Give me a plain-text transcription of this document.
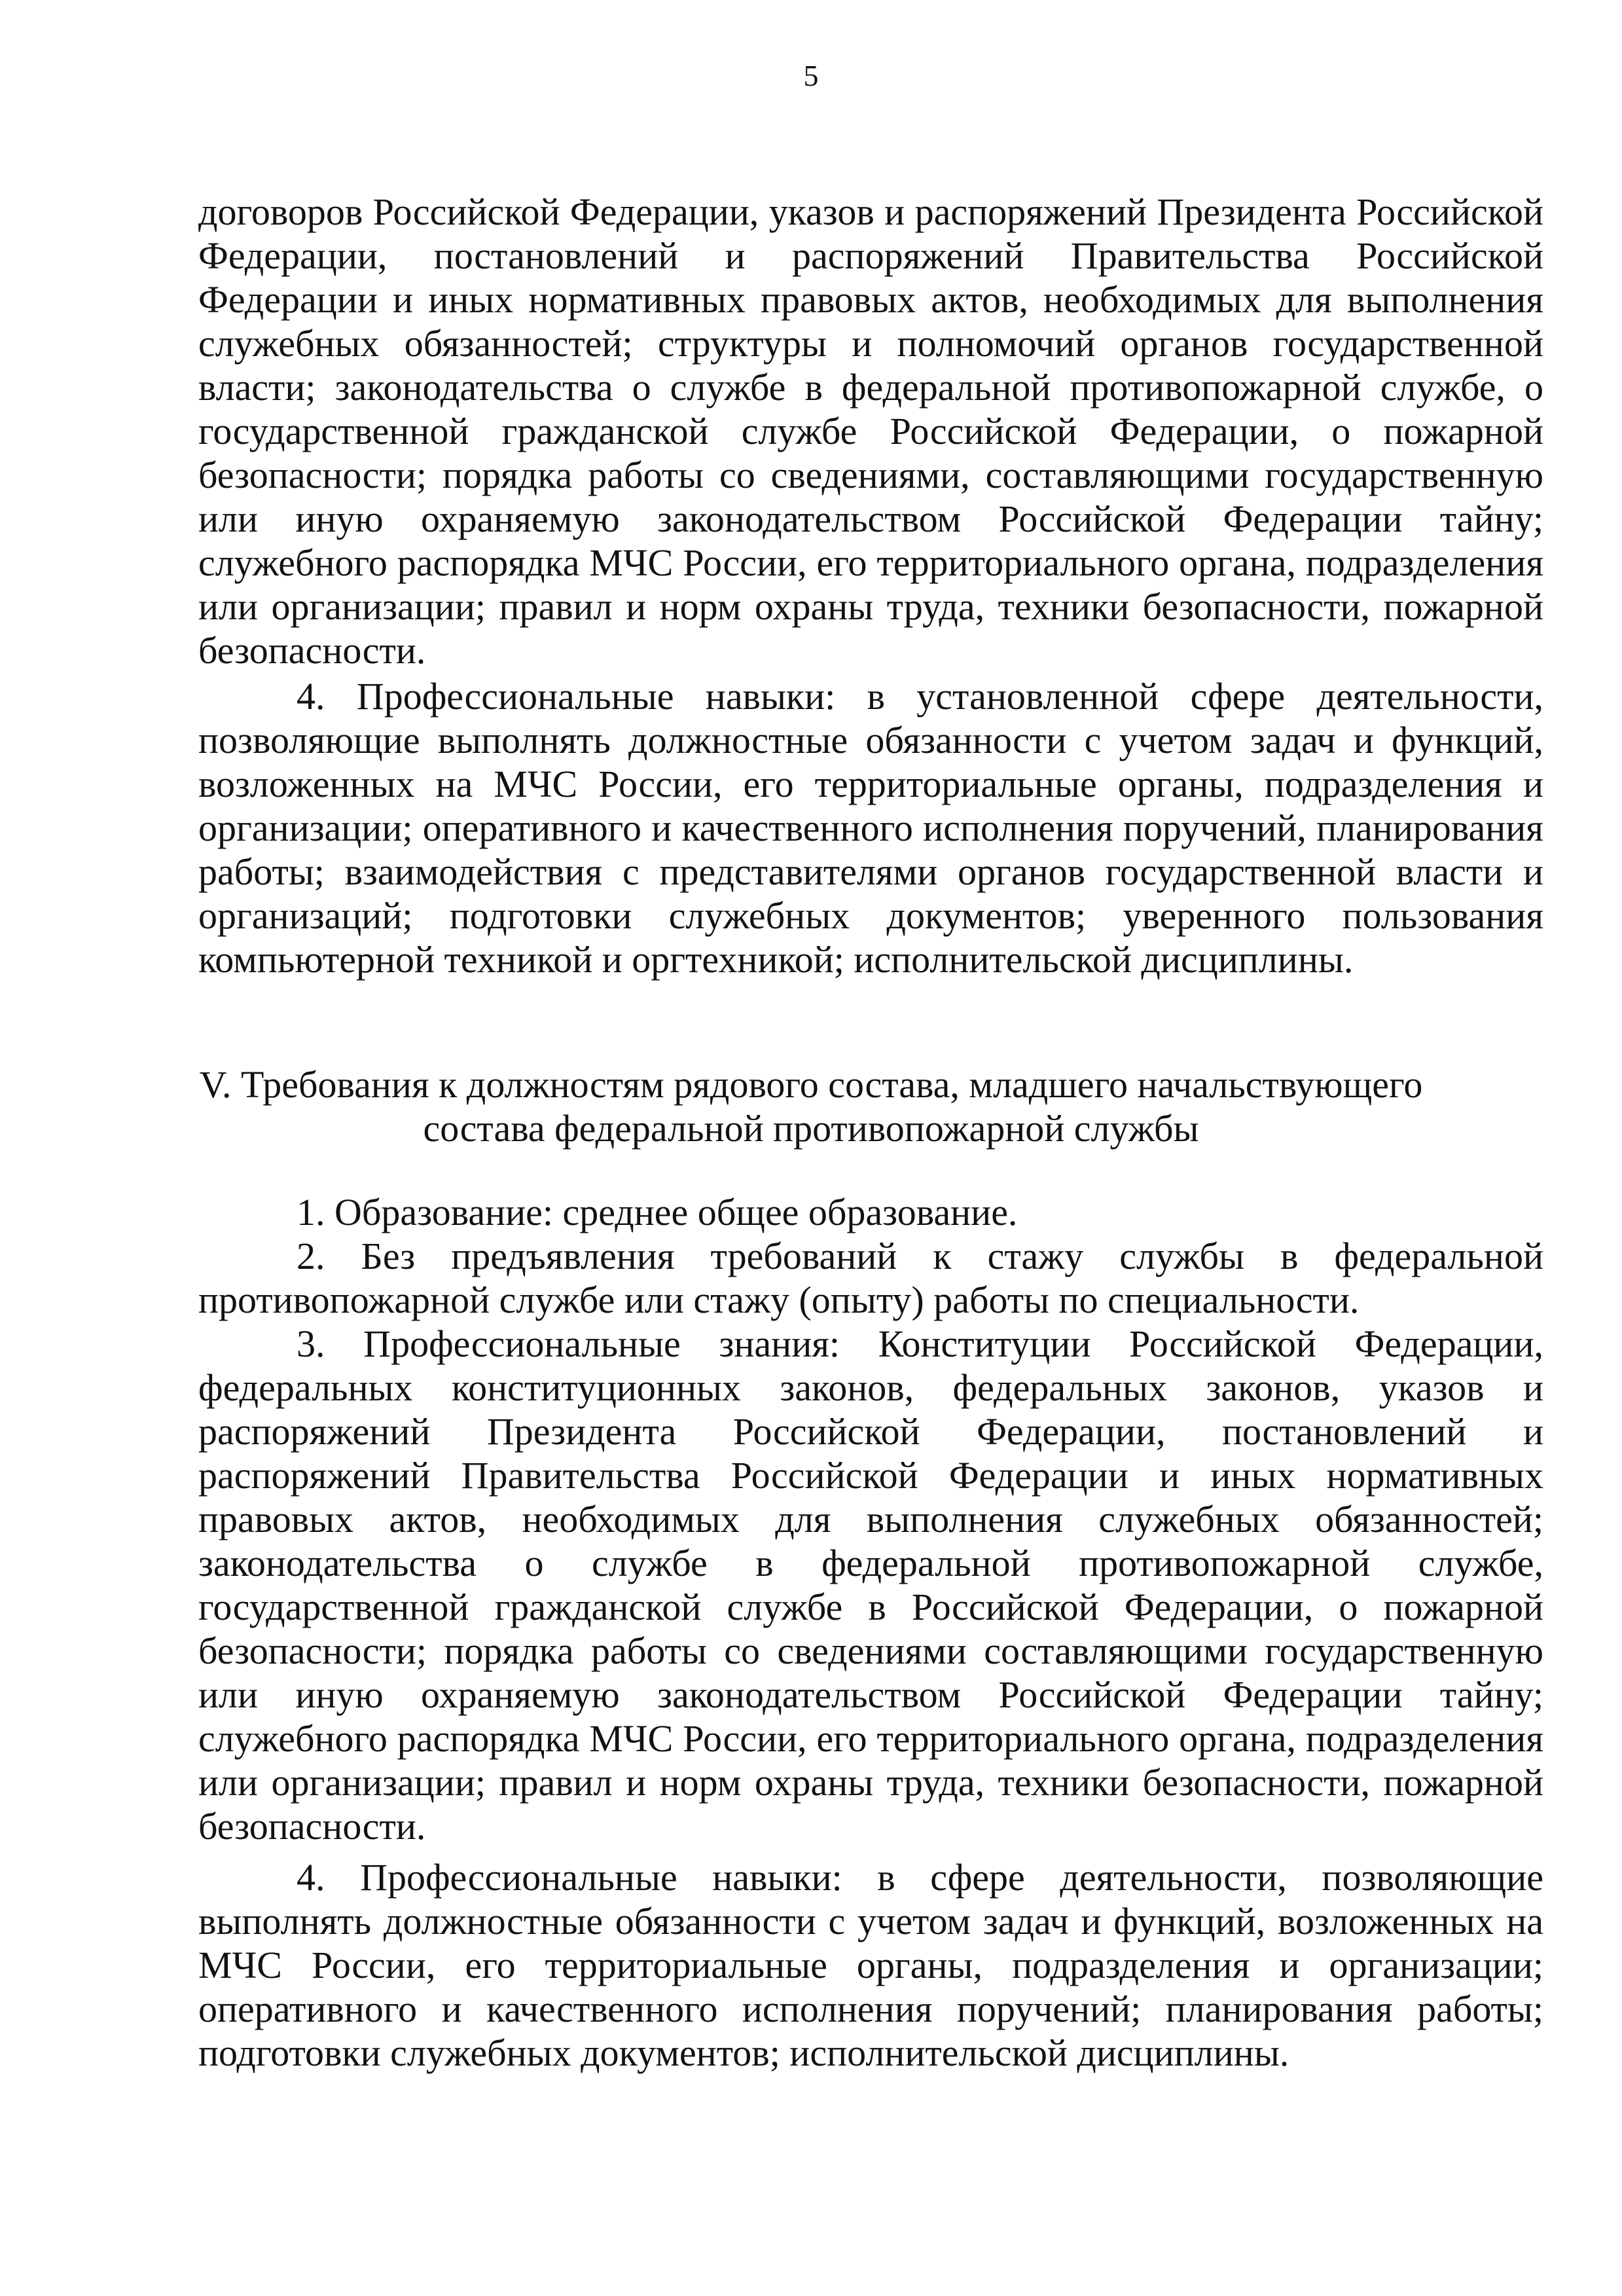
5

договоров Российской Федерации, указов и распоряжений Президента Российской Федерации, постановлений и распоряжений Правительства Российской Федерации и иных нормативных правовых актов, необходимых для выполнения служебных обязанностей; структуры и полномочий органов государственной власти; законодательства о службе в федеральной противопожарной службе, о государственной гражданской службе Российской Федерации, о пожарной безопасности; порядка работы со сведениями, составляющими государственную или иную охраняемую законодательством Российской Федерации тайну; служебного распорядка МЧС России, его территориального органа, подразделения или организации; правил и норм охраны труда, техники безопасности, пожарной безопасности.

4. Профессиональные навыки: в установленной сфере деятельности, позволяющие выполнять должностные обязанности с учетом задач и функций, возложенных на МЧС России, его территориальные органы, подразделения и организации; оперативного и качественного исполнения поручений, планирования работы; взаимодействия с представителями органов государственной власти и организаций; подготовки служебных документов; уверенного пользования компьютерной техникой и оргтехникой; исполнительской дисциплины.

V. Требования к должностям рядового состава, младшего начальствующего
состава федеральной противопожарной службы

1. Образование: среднее общее образование.

2. Без предъявления требований к стажу службы в федеральной противопожарной службе или стажу (опыту) работы по специальности.

3. Профессиональные знания: Конституции Российской Федерации, федеральных конституционных законов, федеральных законов, указов и распоряжений Президента Российской Федерации, постановлений и распоряжений Правительства Российской Федерации и иных нормативных правовых актов, необходимых для выполнения служебных обязанностей; законодательства о службе в федеральной противопожарной службе, государственной гражданской службе в Российской Федерации, о пожарной безопасности; порядка работы со сведениями составляющими государственную или иную охраняемую законодательством Российской Федерации тайну; служебного распорядка МЧС России, его территориального органа, подразделения или организации; правил и норм охраны труда, техники безопасности, пожарной безопасности.

4. Профессиональные навыки: в сфере деятельности, позволяющие выполнять должностные обязанности с учетом задач и функций, возложенных на МЧС России, его территориальные органы, подразделения и организации; оперативного и качественного исполнения поручений; планирования работы; подготовки служебных документов; исполнительской дисциплины.
